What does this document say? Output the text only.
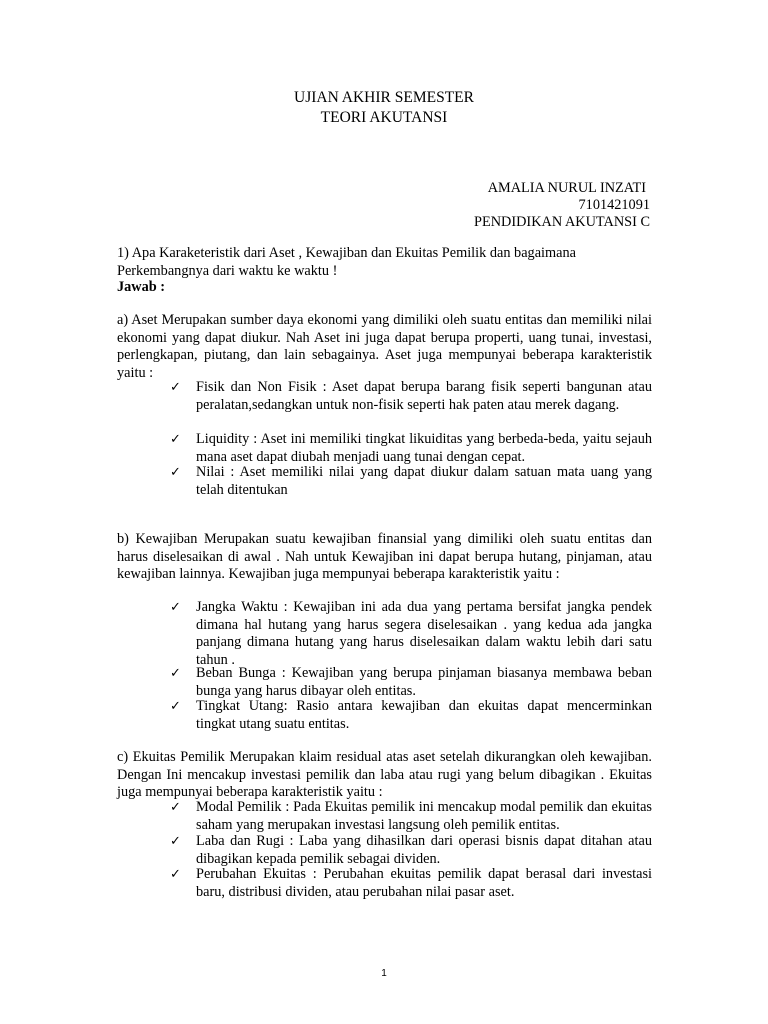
UJIAN AKHIR SEMESTER
TEORI AKUTANSI
AMALIA NURUL INZATI
7101421091
PENDIDIKAN AKUTANSI C
1) Apa Karaketeristik dari Aset , Kewajiban dan Ekuitas Pemilik dan bagaimana Perkembangnya dari waktu ke waktu !
Jawab :
a) Aset Merupakan sumber daya ekonomi yang dimiliki oleh suatu entitas dan memiliki nilai ekonomi yang dapat diukur. Nah Aset ini juga dapat berupa properti, uang tunai, investasi, perlengkapan, piutang, dan lain sebagainya. Aset juga mempunyai beberapa karakteristik yaitu :
✓	Fisik dan Non Fisik : Aset dapat berupa barang fisik seperti bangunan atau peralatan,sedangkan untuk non-fisik seperti hak paten atau merek dagang.
✓	Liquidity : Aset ini memiliki tingkat likuiditas yang berbeda-beda, yaitu sejauh mana aset dapat diubah menjadi uang tunai dengan cepat.
✓	Nilai : Aset memiliki nilai yang dapat diukur dalam satuan mata uang yang telah ditentukan
b) Kewajiban Merupakan suatu kewajiban finansial yang dimiliki oleh suatu entitas dan harus diselesaikan di awal . Nah untuk Kewajiban ini dapat berupa hutang, pinjaman, atau kewajiban lainnya. Kewajiban juga mempunyai beberapa karakteristik yaitu :
✓	Jangka Waktu : Kewajiban ini ada dua yang pertama bersifat jangka pendek dimana hal hutang yang harus segera diselesaikan . yang kedua ada jangka panjang dimana hutang yang harus diselesaikan dalam waktu lebih dari satu tahun .
✓	Beban Bunga : Kewajiban yang berupa pinjaman biasanya membawa beban bunga yang harus dibayar oleh entitas.
✓	Tingkat Utang: Rasio antara kewajiban dan ekuitas dapat mencerminkan tingkat utang suatu entitas.
c) Ekuitas Pemilik Merupakan klaim residual atas aset setelah dikurangkan oleh kewajiban. Dengan Ini mencakup investasi pemilik dan laba atau rugi yang belum dibagikan . Ekuitas juga mempunyai beberapa karakteristik yaitu :
✓	Modal Pemilik : Pada Ekuitas pemilik ini mencakup modal pemilik dan ekuitas saham yang merupakan investasi langsung oleh pemilik entitas.
✓	Laba dan Rugi : Laba yang dihasilkan dari operasi bisnis dapat ditahan atau dibagikan kepada pemilik sebagai dividen.
✓	Perubahan Ekuitas : Perubahan ekuitas pemilik dapat berasal dari investasi baru, distribusi dividen, atau perubahan nilai pasar aset.
1
